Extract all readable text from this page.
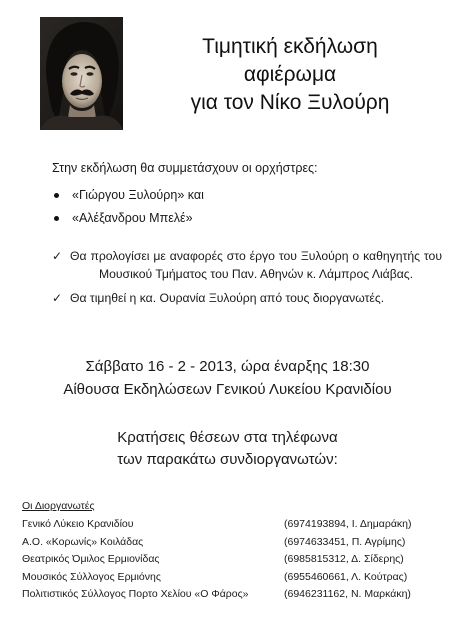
Τιμητική εκδήλωση
αφιέρωμα
για τον Νίκο Ξυλούρη
Στην εκδήλωση θα συμμετάσχουν οι ορχήστρες:
«Γιώργου Ξυλούρη» και
«Αλέξανδρου Μπελέ»
✓ Θα προλογίσει με αναφορές στο έργο του Ξυλούρη ο καθηγητής του Μουσικού Τμήματος του Παν. Αθηνών κ. Λάμπρος Λιάβας.
✓ Θα τιμηθεί η κα. Ουρανία Ξυλούρη από τους διοργανωτές.
Σάββατο 16 - 2 - 2013, ώρα έναρξης 18:30
Αίθουσα Εκδηλώσεων Γενικού Λυκείου Κρανιδίου
Κρατήσεις θέσεων στα τηλέφωνα
των παρακάτω συνδιοργανωτών:
Οι Διοργανωτές
Γενικό Λύκειο Κρανιδίου	(6974193894, Ι. Δημαράκη)
Α.Ο. «Κορωνίς» Κοιλάδας	(6974633451, Π. Αγρίμης)
Θεατρικός Όμιλος Ερμιονίδας	(6985815312, Δ. Σίδερης)
Μουσικός Σύλλογος Ερμιόνης	(6955460661, Λ. Κούτρας)
Πολιτιστικός Σύλλογος Πορτο Χελίου «Ο Φάρος»	(6946231162, Ν. Μαρκάκη)
